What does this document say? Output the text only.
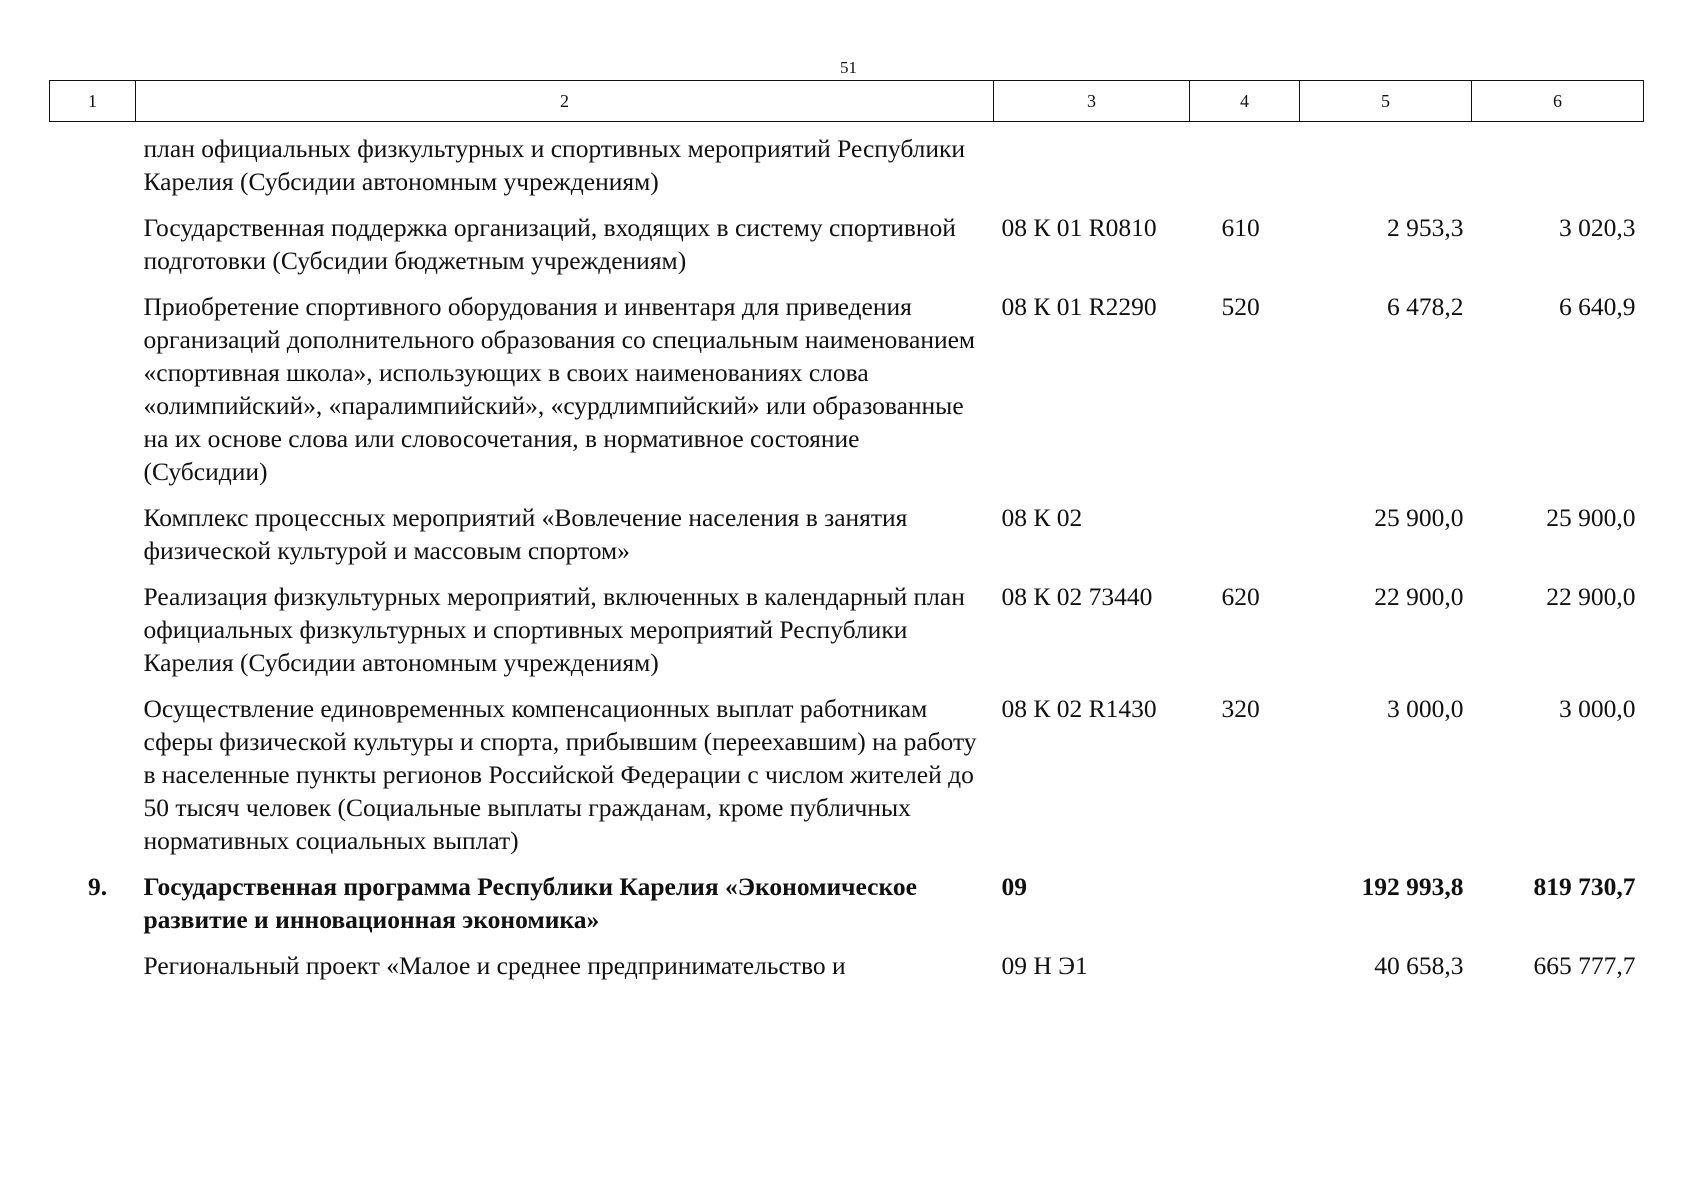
51
1	2	3	4	5	6
	план официальных физкультурных и спортивных мероприятий Республики Карелия (Субсидии автономным учреждениям)				
	Государственная поддержка организаций, входящих в систему спортивной подготовки (Субсидии бюджетным учреждениям)	08 К 01 R0810	610	2 953,3	3 020,3
	Приобретение спортивного оборудования и инвентаря для приведения организаций дополнительного образования со специальным наименованием «спортивная школа», использующих в своих наименованиях слова «олимпийский», «паралимпийский», «сурдлимпийский» или образованные на их основе слова или словосочетания, в нормативное состояние (Субсидии)	08 К 01 R2290	520	6 478,2	6 640,9
	Комплекс процессных мероприятий «Вовлечение населения в занятия физической культурой и массовым спортом»	08 К 02		25 900,0	25 900,0
	Реализация физкультурных мероприятий, включенных в календарный план официальных физкультурных и спортивных мероприятий Республики Карелия (Субсидии автономным учреждениям)	08 К 02 73440	620	22 900,0	22 900,0
	Осуществление единовременных компенсационных выплат работникам сферы физической культуры и спорта, прибывшим (переехавшим) на работу в населенные пункты регионов Российской Федерации с числом жителей до 50 тысяч человек (Социальные выплаты гражданам, кроме публичных нормативных социальных выплат)	08 К 02 R1430	320	3 000,0	3 000,0
9.	Государственная программа Республики Карелия «Экономическое развитие и инновационная экономика»	09		192 993,8	819 730,7
	Региональный проект «Малое и среднее предпринимательство и	09 Н Э1		40 658,3	665 777,7
